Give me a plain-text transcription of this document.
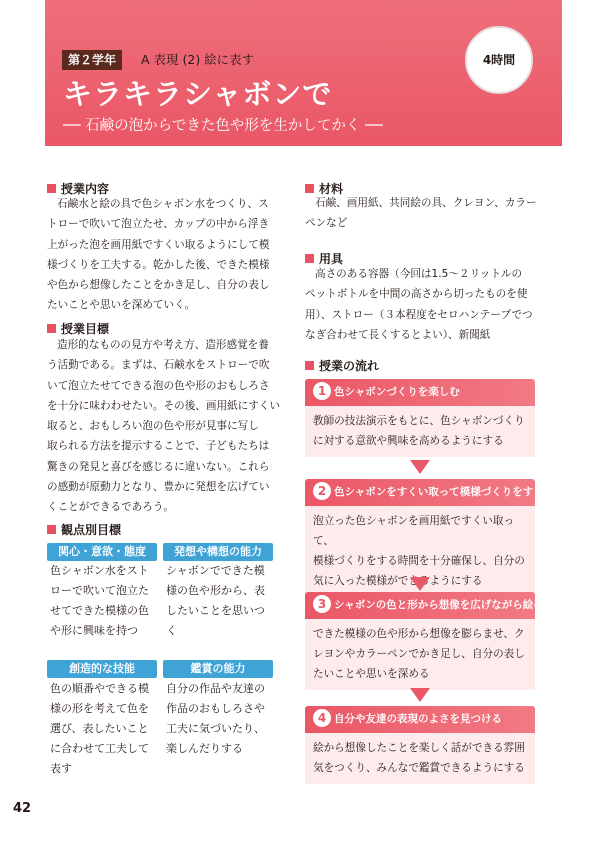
第２学年	A 表現 (2) 絵に表す	4時間
キラキラシャボンで
── 石鹸の泡からできた色や形を生かしてかく ──
授業内容
石鹸水と絵の具で色シャボン水をつくり、ス
トローで吹いて泡立たせ、カップの中から浮き
上がった泡を画用紙ですくい取るようにして模
様づくりを工夫する。乾かした後、できた模様
や色から想像したことをかき足し、自分の表し
たいことや思いを深めていく。
授業目標
造形的なものの見方や考え方、造形感覚を養
う活動である。まずは、石鹸水をストローで吹
いて泡立たせてできる泡の色や形のおもしろさ
を十分に味わわせたい。その後、画用紙にすくい
取ると、おもしろい泡の色や形が見事に写し
取られる方法を提示することで、子どもたちは
驚きの発見と喜びを感じるに違いない。これら
の感動が原動力となり、豊かに発想を広げてい
くことができるであろう。
観点別目標
関心・意欲・態度
色シャボン水をスト
ローで吹いて泡立た
せてできた模様の色
や形に興味を持つ
発想や構想の能力
シャボンでできた模
様の色や形から、表
したいことを思いつ
く
創造的な技能
色の順番やできる模
様の形を考えて色を
選び、表したいこと
に合わせて工夫して
表す
鑑賞の能力
自分の作品や友達の
作品のおもしろさや
工夫に気づいたり、
楽しんだりする
42
材料
石鹸、画用紙、共同絵の具、クレヨン、カラー
ペンなど
用具
高さのある容器（今回は1.5～２リットルの
ペットボトルを中間の高さから切ったものを使
用）、ストロー（３本程度をセロハンテープでつ
なぎ合わせて長くするとよい）、新聞紙
授業の流れ
1 色シャボンづくりを楽しむ
教師の技法演示をもとに、色シャボンづくり
に対する意欲や興味を高めるようにする
2 色シャボンをすくい取って模様づくりをする
泡立った色シャボンを画用紙ですくい取って、
模様づくりをする時間を十分確保し、自分の
気に入った模様ができるようにする
3 シャボンの色と形から想像を広げながら絵に表す
できた模様の色や形から想像を膨らませ、ク
レヨンやカラーペンでかき足し、自分の表し
たいことや思いを深める
4 自分や友達の表現のよさを見つける
絵から想像したことを楽しく話ができる雰囲
気をつくり、みんなで鑑賞できるようにする
